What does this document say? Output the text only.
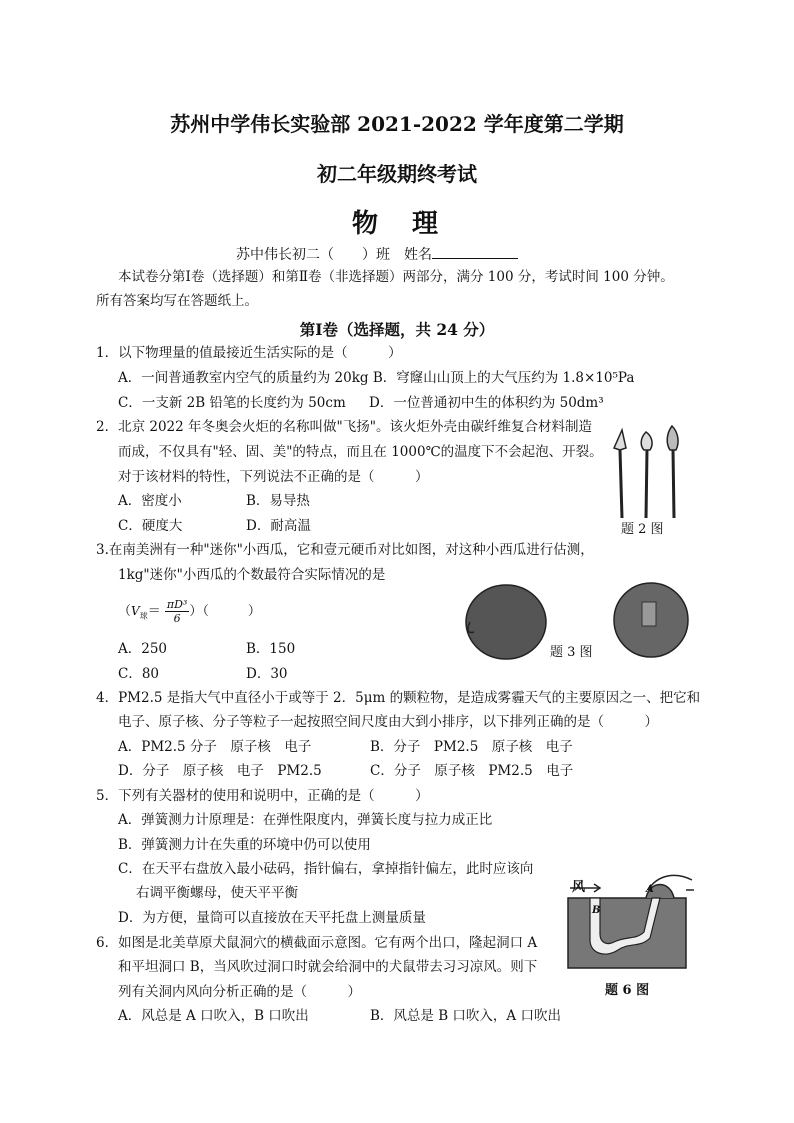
苏州中学伟长实验部 2021-2022 学年度第二学期
初二年级期终考试
物　理
苏中伟长初二（　　）班　姓名
本试卷分第Ⅰ卷（选择题）和第Ⅱ卷（非选择题）两部分，满分 100 分，考试时间 100 分钟。
所有答案均写在答题纸上。
第Ⅰ卷（选择题，共 24 分）
1．以下物理量的值最接近生活实际的是（　　　）
A．一间普通教室内空气的质量约为 20kg B．穹窿山山顶上的大气压约为 1.8×10⁵Pa
C．一支新 2B 铅笔的长度约为 50cm D．一位普通初中生的体积约为 50dm³
2．北京 2022 年冬奥会火炬的名称叫做"飞扬"。该火炬外壳由碳纤维复合材料制造
而成，不仅具有"轻、固、美"的特点，而且在 1000℃的温度下不会起泡、开裂。
对于该材料的特性，下列说法不正确的是（　　　）
A．密度小	B．易导热
C．硬度大	D．耐高温	题 2 图
3.在南美洲有一种"迷你"小西瓜，它和壹元硬币对比如图，对这种小西瓜进行估测，
1kg"迷你"小西瓜的个数最符合实际情况的是
（$V_球= \frac{\text{πD³}}{6}$ ）（　　　）
A．250	B．150
C．80	D．30
题 3 图
4．PM2.5 是指大气中直径小于或等于 2．5μm 的颗粒物，是造成雾霾天气的主要原因之一、把它和
电子、原子核、分子等粒子一起按照空间尺度由大到小排序，以下排列正确的是（　　　）
A．PM2.5 分子　原子核　电子	B．分子　PM2.5　原子核　电子
D．分子　原子核　电子　PM2.5	C．分子　原子核　PM2.5　电子
5．下列有关器材的使用和说明中，正确的是（　　　）
A．弹簧测力计原理是：在弹性限度内，弹簧长度与拉力成正比
B．弹簧测力计在失重的环境中仍可以使用
C．在天平右盘放入最小砝码，指针偏右，拿掉指针偏左，此时应该向
右调平衡螺母，使天平平衡
D．为方便，量筒可以直接放在天平托盘上测量质量
6．如图是北美草原犬鼠洞穴的横截面示意图。它有两个出口，隆起洞口 A
和平坦洞口 B，当风吹过洞口时就会给洞中的犬鼠带去习习凉风。则下
列有关洞内风向分析正确的是（　　　）
A．风总是 A 口吹入，B 口吹出	B．风总是 B 口吹入，A 口吹出
风	A
B
题 6 图
